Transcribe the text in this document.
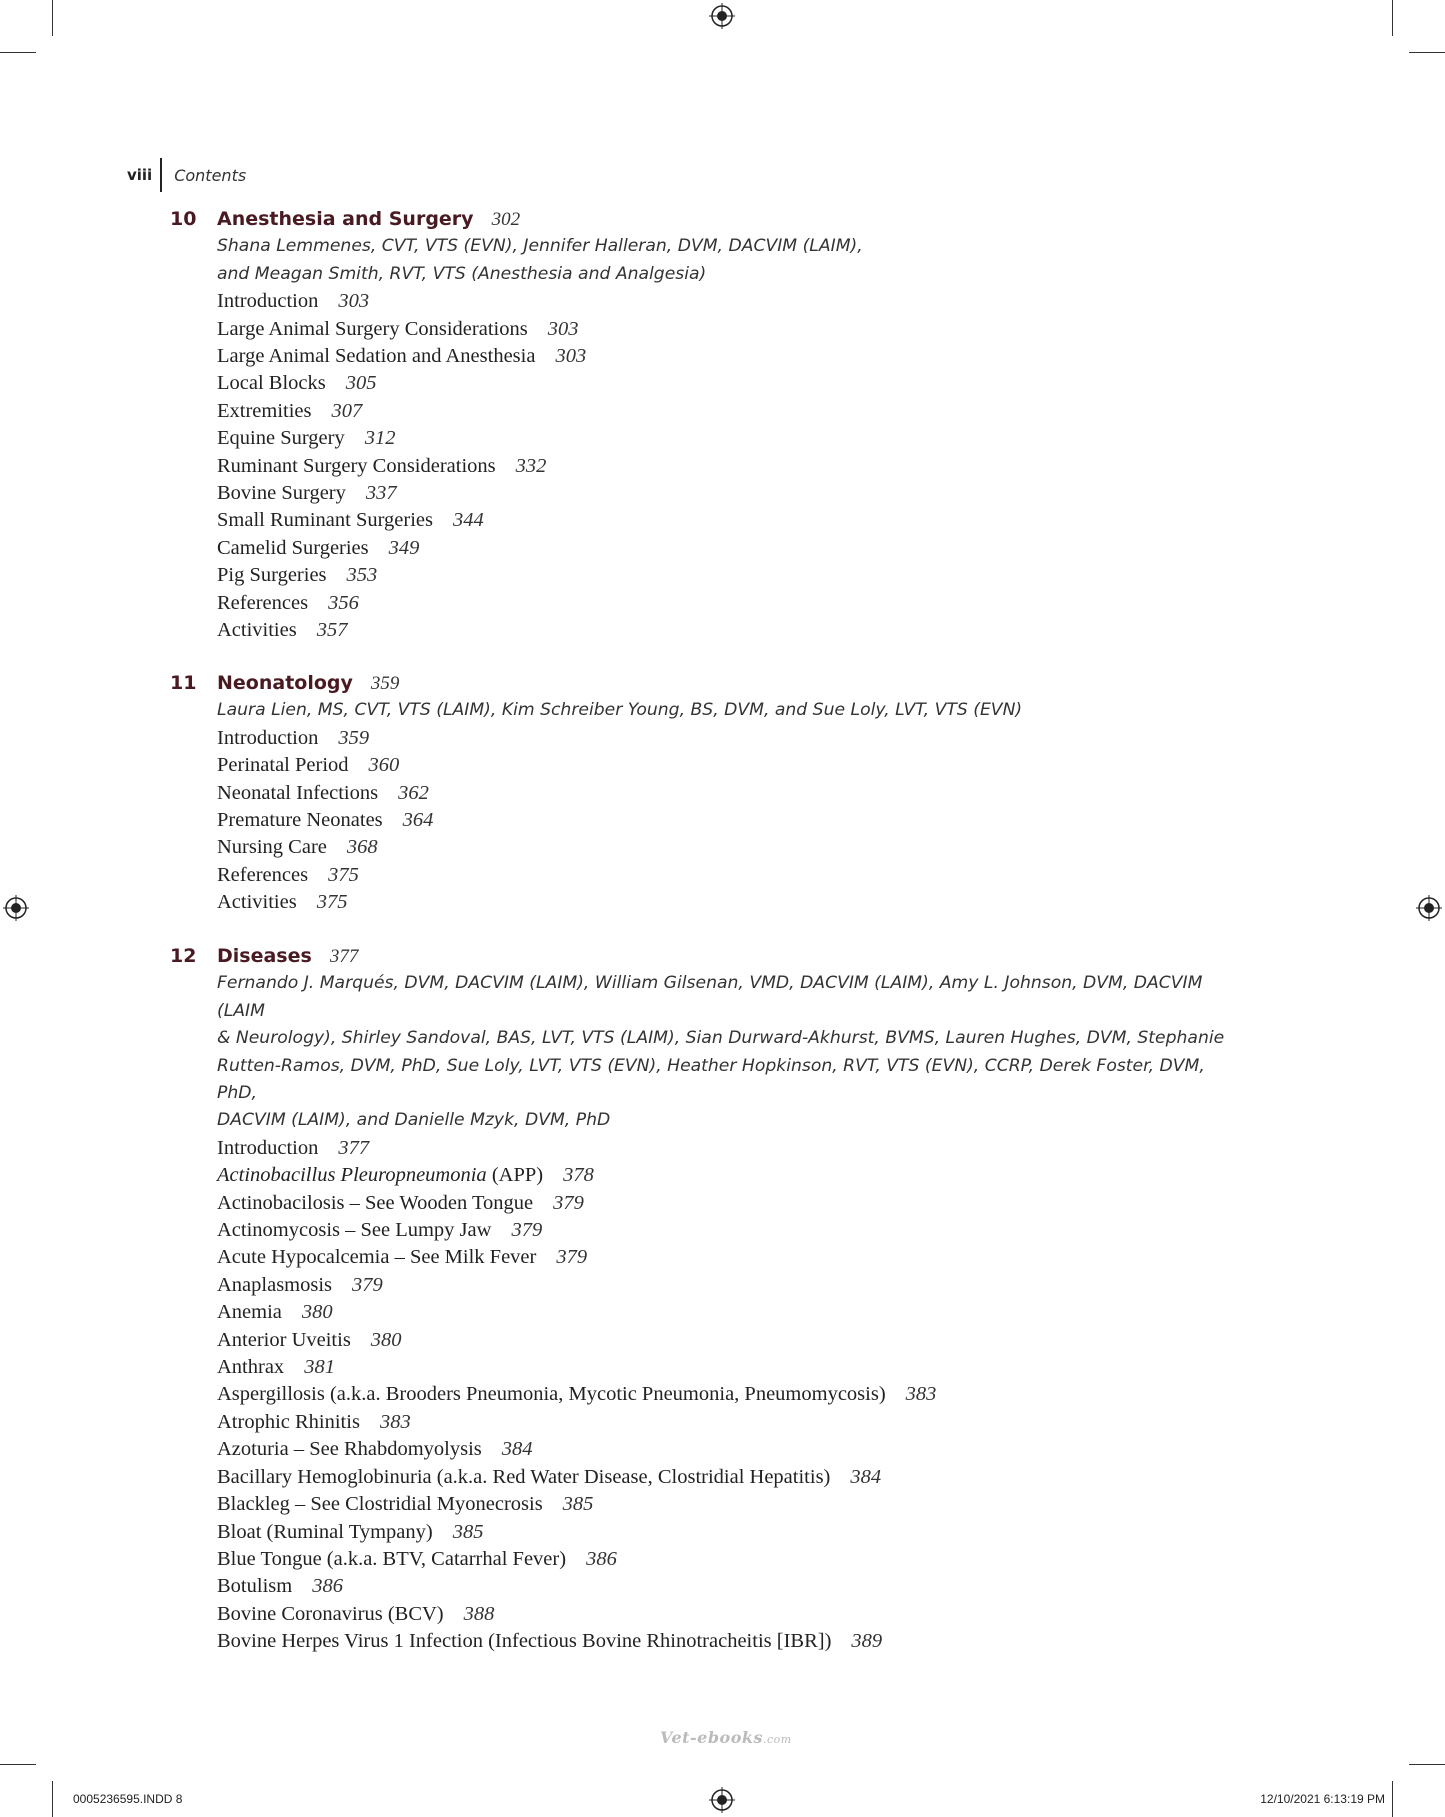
viii	Contents
10 Anesthesia and Surgery 302
Shana Lemmenes, CVT, VTS (EVN), Jennifer Halleran, DVM, DACVIM (LAIM),
and Meagan Smith, RVT, VTS (Anesthesia and Analgesia)
Introduction 303
Large Animal Surgery Considerations 303
Large Animal Sedation and Anesthesia 303
Local Blocks 305
Extremities 307
Equine Surgery 312
Ruminant Surgery Considerations 332
Bovine Surgery 337
Small Ruminant Surgeries 344
Camelid Surgeries 349
Pig Surgeries 353
References 356
Activities 357
11 Neonatology 359
Laura Lien, MS, CVT, VTS (LAIM), Kim Schreiber Young, BS, DVM, and Sue Loly, LVT, VTS (EVN)
Introduction 359
Perinatal Period 360
Neonatal Infections 362
Premature Neonates 364
Nursing Care 368
References 375
Activities 375
12 Diseases 377
Fernando J. Marqués, DVM, DACVIM (LAIM), William Gilsenan, VMD, DACVIM (LAIM), Amy L. Johnson, DVM, DACVIM (LAIM
& Neurology), Shirley Sandoval, BAS, LVT, VTS (LAIM), Sian Durward-Akhurst, BVMS, Lauren Hughes, DVM, Stephanie
Rutten-Ramos, DVM, PhD, Sue Loly, LVT, VTS (EVN), Heather Hopkinson, RVT, VTS (EVN), CCRP, Derek Foster, DVM, PhD,
DACVIM (LAIM), and Danielle Mzyk, DVM, PhD
Introduction 377
Actinobacillus Pleuropneumonia (APP) 378
Actinobacilosis – See Wooden Tongue 379
Actinomycosis – See Lumpy Jaw 379
Acute Hypocalcemia – See Milk Fever 379
Anaplasmosis 379
Anemia 380
Anterior Uveitis 380
Anthrax 381
Aspergillosis (a.k.a. Brooders Pneumonia, Mycotic Pneumonia, Pneumomycosis) 383
Atrophic Rhinitis 383
Azoturia – See Rhabdomyolysis 384
Bacillary Hemoglobinuria (a.k.a. Red Water Disease, Clostridial Hepatitis) 384
Blackleg – See Clostridial Myonecrosis 385
Bloat (Ruminal Tympany) 385
Blue Tongue (a.k.a. BTV, Catarrhal Fever) 386
Botulism 386
Bovine Coronavirus (BCV) 388
Bovine Herpes Virus 1 Infection (Infectious Bovine Rhinotracheitis [IBR]) 389
Vet-ebooks.com
0005236595.INDD 8	12/10/2021 6:13:19 PM
